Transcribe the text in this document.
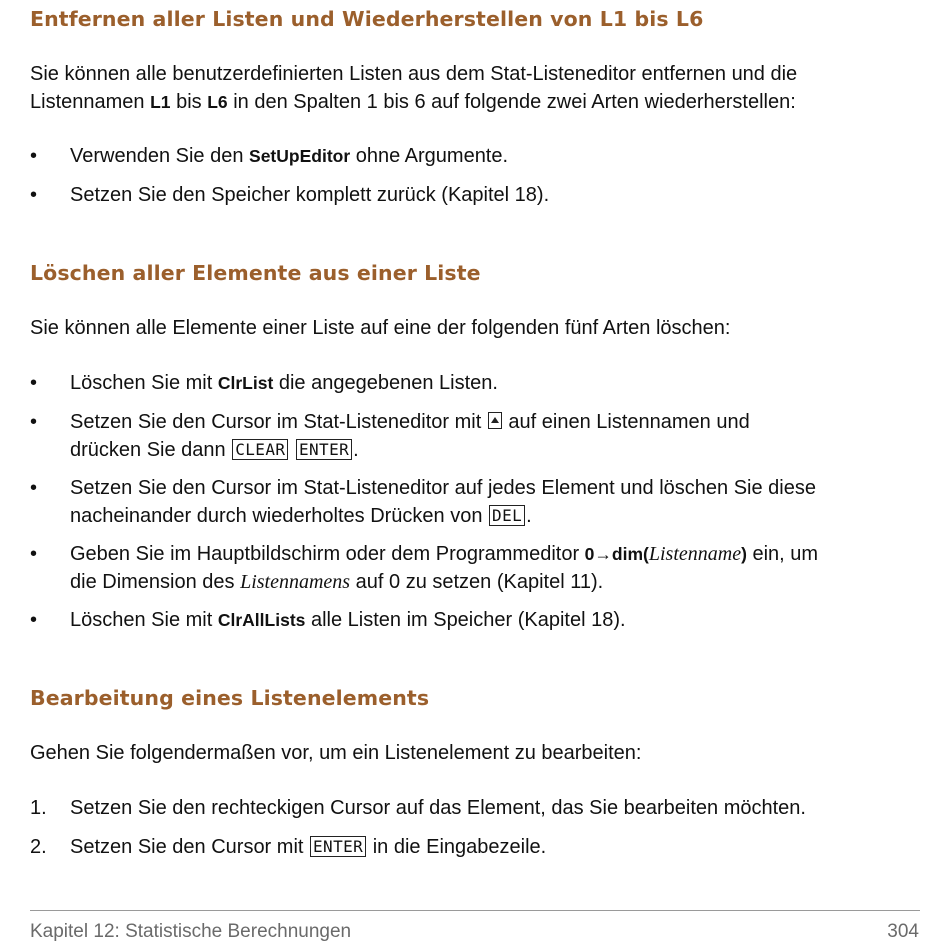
Entfernen aller Listen und Wiederherstellen von L1 bis L6

Sie können alle benutzerdefinierten Listen aus dem Stat-Listeneditor entfernen und die
Listennamen L1 bis L6 in den Spalten 1 bis 6 auf folgende zwei Arten wiederherstellen:

• Verwenden Sie den SetUpEditor ohne Argumente.
• Setzen Sie den Speicher komplett zurück (Kapitel 18).
Löschen aller Elemente aus einer Liste

Sie können alle Elemente einer Liste auf eine der folgenden fünf Arten löschen:

• Löschen Sie mit ClrList die angegebenen Listen.
• Setzen Sie den Cursor im Stat-Listeneditor mit  auf einen Listennamen und
drücken Sie dann CLEAR ENTER .
• Setzen Sie den Cursor im Stat-Listeneditor auf jedes Element und löschen Sie diese
nacheinander durch wiederholtes Drücken von DEL .
• Geben Sie im Hauptbildschirm oder dem Programmeditor 0→dim(Listenname) ein, um
die Dimension des Listennamens auf 0 zu setzen (Kapitel 11).
• Löschen Sie mit ClrAllLists alle Listen im Speicher (Kapitel 18).
Bearbeitung eines Listenelements

Gehen Sie folgendermaßen vor, um ein Listenelement zu bearbeiten:

1. Setzen Sie den rechteckigen Cursor auf das Element, das Sie bearbeiten möchten.
2. Setzen Sie den Cursor mit ENTER in die Eingabezeile.
Kapitel 12: Statistische Berechnungen	304
